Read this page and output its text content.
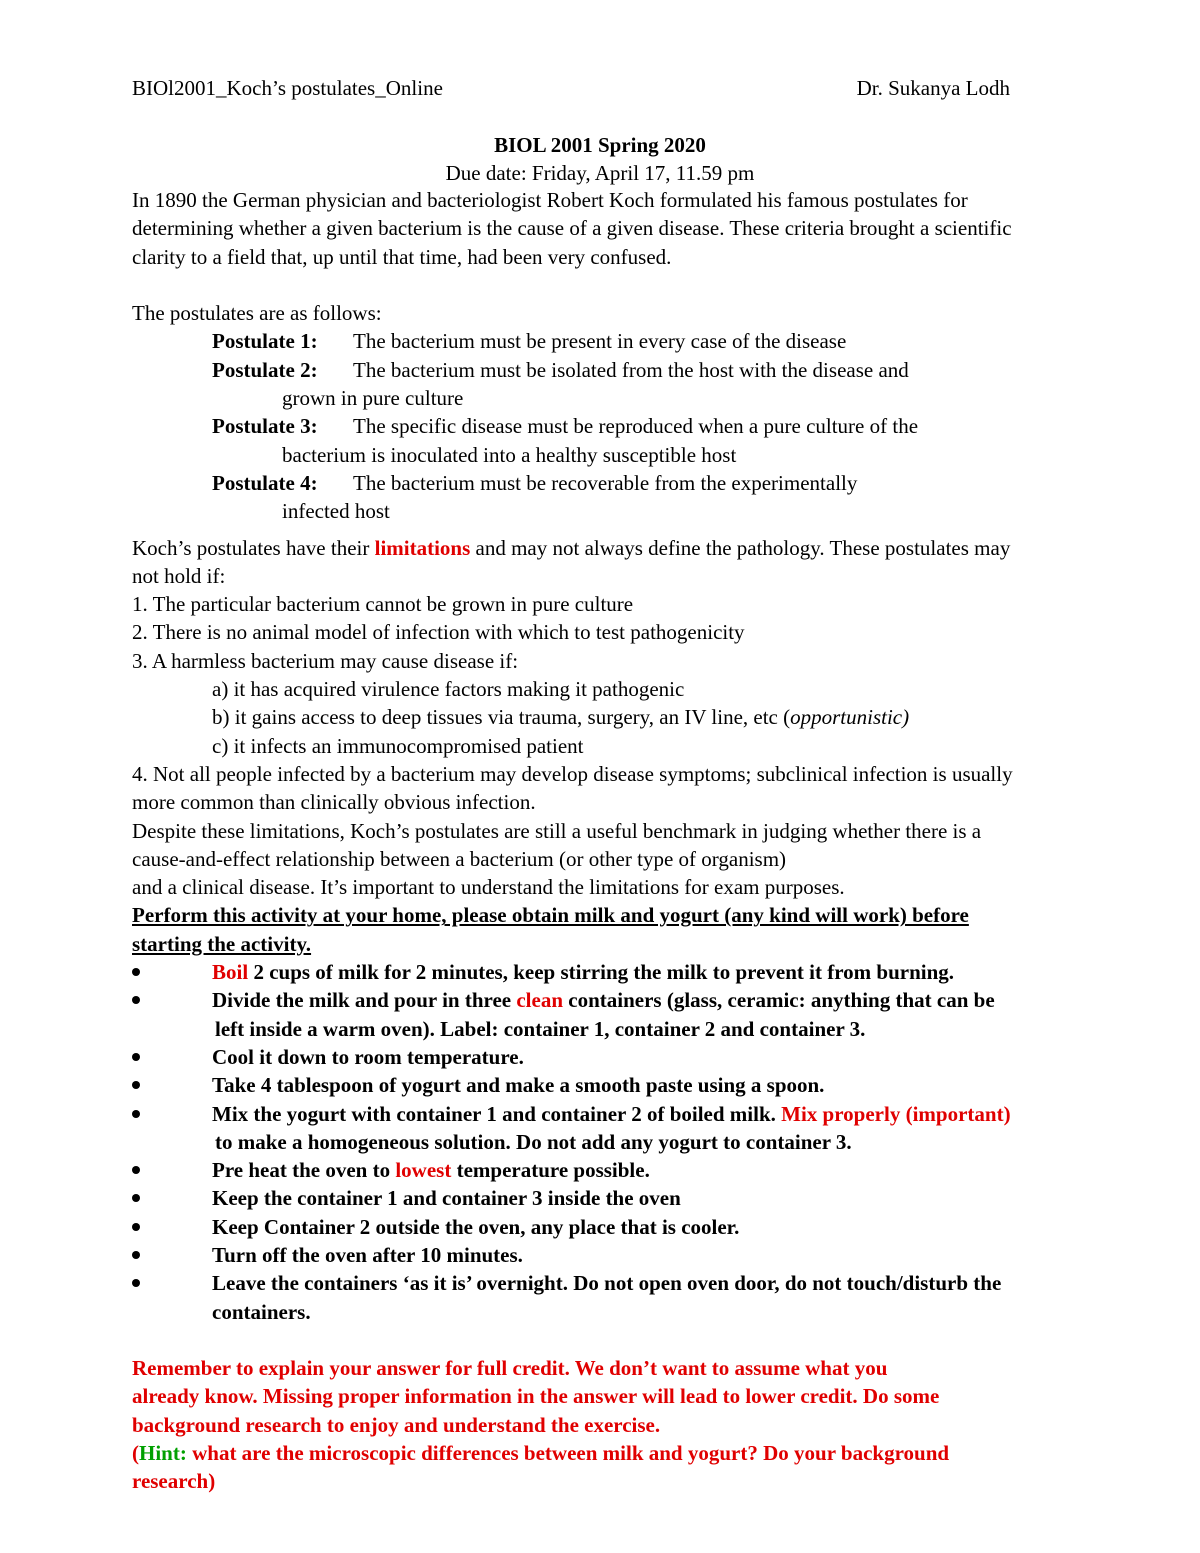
BIOl2001_Koch’s postulates_Online	Dr. Sukanya Lodh
BIOL 2001 Spring 2020
Due date: Friday, April 17, 11.59 pm

In 1890 the German physician and bacteriologist Robert Koch formulated his famous postulates for

determining whether a given bacterium is the cause of a given disease. These criteria brought a scientific

clarity to a field that, up until that time, had been very confused.

The postulates are as follows:

Postulate 1: The bacterium must be present in every case of the disease

Postulate 2: The bacterium must be isolated from the host with the disease and

grown in pure culture

Postulate 3: The specific disease must be reproduced when a pure culture of the

bacterium is inoculated into a healthy susceptible host

Postulate 4: The bacterium must be recoverable from the experimentally

infected host

Koch’s postulates have their limitations and may not always define the pathology. These postulates may

not hold if:

1. The particular bacterium cannot be grown in pure culture

2. There is no animal model of infection with which to test pathogenicity

3. A harmless bacterium may cause disease if:

a) it has acquired virulence factors making it pathogenic

b) it gains access to deep tissues via trauma, surgery, an IV line, etc (opportunistic)

c) it infects an immunocompromised patient

4. Not all people infected by a bacterium may develop disease symptoms; subclinical infection is usually

more common than clinically obvious infection.

Despite these limitations, Koch’s postulates are still a useful benchmark in judging whether there is a

cause-and-effect relationship between a bacterium (or other type of organism)

and a clinical disease. It’s important to understand the limitations for exam purposes.

Perform this activity at your home, please obtain milk and yogurt (any kind will work) before

starting the activity.

Boil 2 cups of milk for 2 minutes, keep stirring the milk to prevent it from burning.
Divide the milk and pour in three clean containers (glass, ceramic: anything that can be
left inside a warm oven). Label: container 1, container 2 and container 3.
Cool it down to room temperature.
Take 4 tablespoon of yogurt and make a smooth paste using a spoon.
Mix the yogurt with container 1 and container 2 of boiled milk. Mix properly (important)
to make a homogeneous solution. Do not add any yogurt to container 3.
Pre heat the oven to lowest temperature possible.
Keep the container 1 and container 3 inside the oven
Keep Container 2 outside the oven, any place that is cooler.
Turn off the oven after 10 minutes.
Leave the containers ‘as it is’ overnight. Do not open oven door, do not touch/disturb the
containers.

Remember to explain your answer for full credit. We don’t want to assume what you

already know. Missing proper information in the answer will lead to lower credit. Do some

background research to enjoy and understand the exercise.

(Hint: what are the microscopic differences between milk and yogurt? Do your background

research)
